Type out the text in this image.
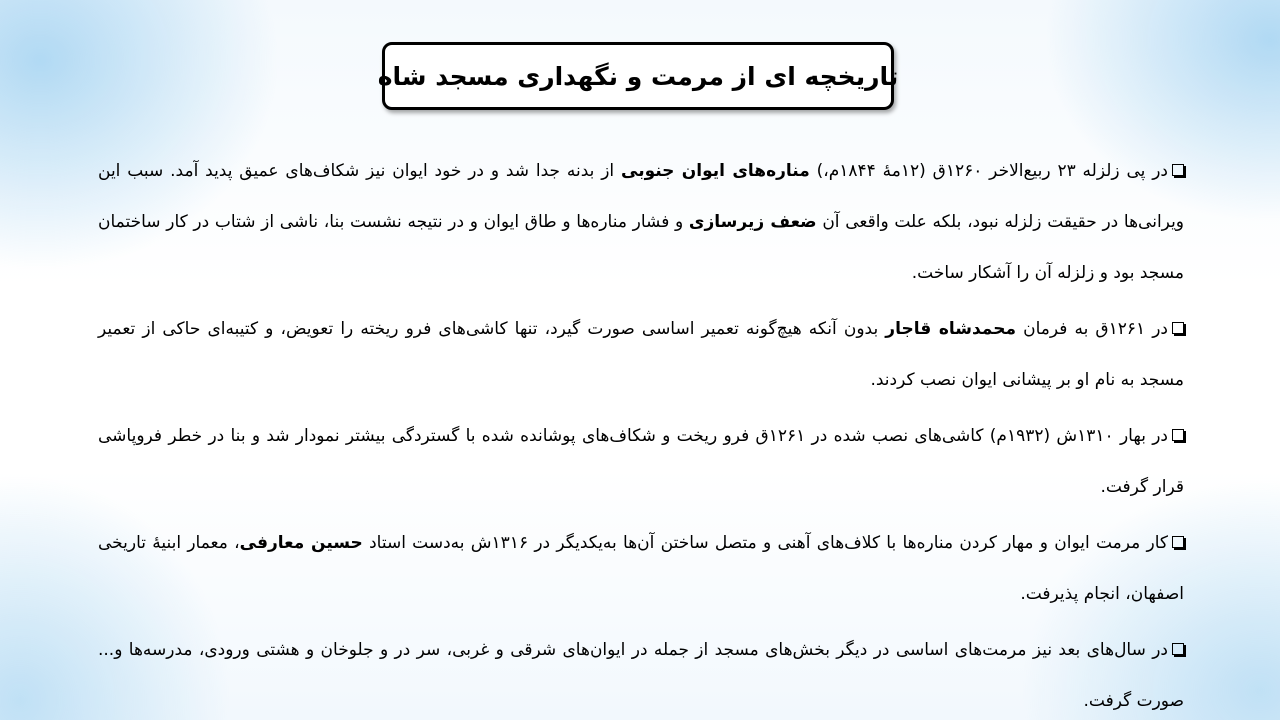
تاریخچه ای از مرمت و نگهداری مسجد شاه

در پی زلزله ۲۳ ربیع‌الاخر ۱۲۶۰ق (۱۲مهٔ ۱۸۴۴م،) مناره‌های ایوان جنوبی از بدنه جدا شد و در خود ایوان نیز شکاف‌های عمیق پدید آمد. سبب این ویرانی‌ها در حقیقت زلزله نبود، بلکه علت واقعی آن ضعف زیرسازی و فشار مناره‌ها و طاق ایوان و در نتیجه نشست بنا، ناشی از شتاب در کار ساختمان مسجد بود و زلزله آن را آشکار ساخت.

در ۱۲۶۱ق به فرمان محمدشاه قاجار بدون آنکه هیچ‌گونه تعمیر اساسی صورت گیرد، تنها کاشی‌های فرو ریخته را تعویض، و کتیبه‌ای حاکی از تعمیر مسجد به نام او بر پیشانی ایوان نصب کردند.

در بهار ۱۳۱۰ش (۱۹۳۲م) کاشی‌های نصب شده در ۱۲۶۱ق فرو ریخت و شکاف‌های پوشانده شده با گستردگی بیشتر نمودار شد و بنا در خطر فروپاشی قرار گرفت.

کار مرمت ایوان و مهار کردن مناره‌ها با کلاف‌های آهنی و متصل ساختن آن‌ها به‌یکدیگر در ۱۳۱۶ش به‌دست استاد حسین معارفی، معمار ابنیهٔ تاریخی اصفهان، انجام پذیرفت.

در سال‌های بعد نیز مرمت‌های اساسی در دیگر بخش‌های مسجد از جمله در ایوان‌های شرقی و غربی، سر در و جلوخان و هشتی ورودی، مدرسه‌ها و... صورت گرفت.
